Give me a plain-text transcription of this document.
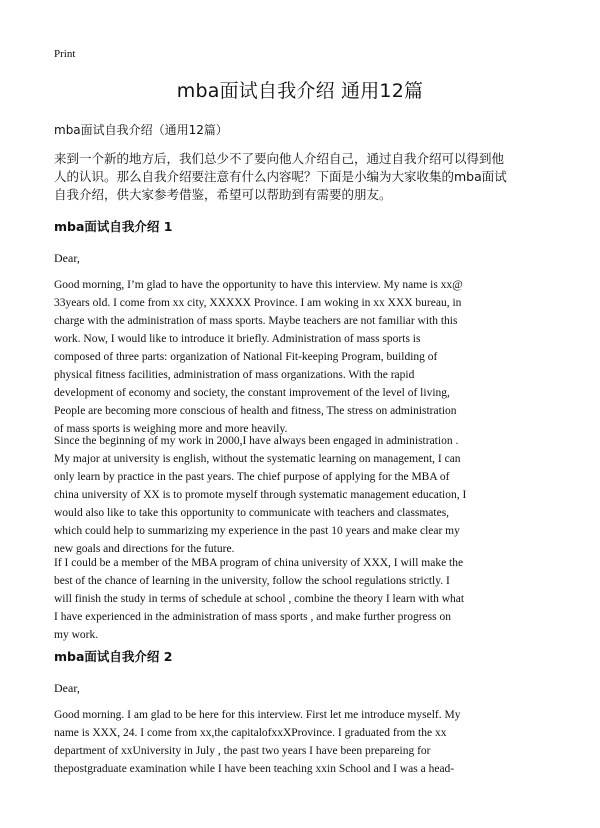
Print
mba面试自我介绍 通用12篇
mba面试自我介绍（通用12篇）
来到一个新的地方后，我们总少不了要向他人介绍自己，通过自我介绍可以得到他
人的认识。那么自我介绍要注意有什么内容呢？下面是小编为大家收集的mba面试
自我介绍，供大家参考借鉴，希望可以帮助到有需要的朋友。
mba面试自我介绍 1
Dear,
Good morning, I’m glad to have the opportunity to have this interview. My name is xx@
33years old. I come from xx city, XXXXX Province. I am woking in xx XXX bureau, in
charge with the administration of mass sports. Maybe teachers are not familiar with this
work. Now, I would like to introduce it briefly. Administration of mass sports is
composed of three parts: organization of National Fit-keeping Program, building of
physical fitness facilities, administration of mass organizations. With the rapid
development of economy and society, the constant improvement of the level of living,
People are becoming more conscious of health and fitness, The stress on administration
of mass sports is weighing more and more heavily.
Since the beginning of my work in 2000,I have always been engaged in administration .
My major at university is english, without the systematic learning on management, I can
only learn by practice in the past years. The chief purpose of applying for the MBA of
china university of XX is to promote myself through systematic management education, I
would also like to take this opportunity to communicate with teachers and classmates,
which could help to summarizing my experience in the past 10 years and make clear my
new goals and directions for the future.
If I could be a member of the MBA program of china university of XXX, I will make the
best of the chance of learning in the university, follow the school regulations strictly. I
will finish the study in terms of schedule at school , combine the theory I learn with what
I have experienced in the administration of mass sports , and make further progress on
my work.
mba面试自我介绍 2
Dear,
Good morning. I am glad to be here for this interview. First let me introduce myself. My
name is XXX, 24. I come from xx,the capitalofxxXProvince. I graduated from the xx
department of xxUniversity in July , the past two years I have been prepareing for
thepostgraduate examination while I have been teaching xxin School and I was a head-
